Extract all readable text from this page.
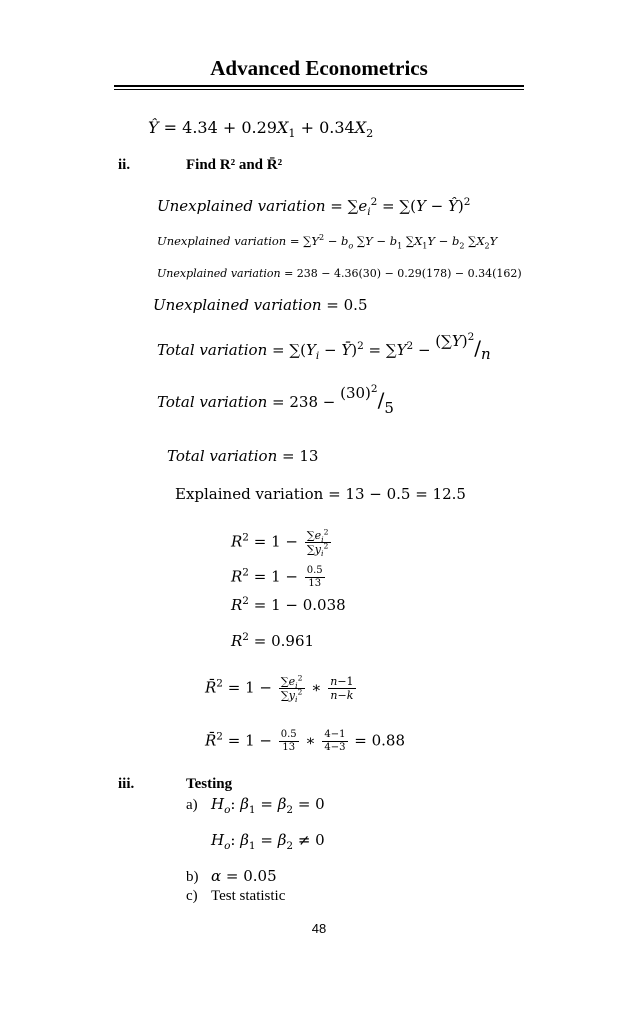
Advanced Econometrics
Ŷ = $4.34 + 0.29X_1 + 0.34X_2$
ii.	Find R² and R̄²
Unexplained variation = $\sum e_i^2 = \sum(Y$ − Ŷ)$^2$
Unexplained variation = $\sum Y^2 - b_o$ $\sum Y - b_1$ $\sum X_1Y - b_2$ $\sum X_2Y$
Unexplained variation = 238 − 4.36(30) − 0.29(178) − 0.34(162)
Unexplained variation = 0.5
Total variation = $\sum(Y_i$ − Ȳ)$^2$ = $\sum Y^2 - (\sum Y)^2/n$
Total variation = $238 - (30)^2/5$
Total variation = 13
Explained variation = 13 − 0.5 = 12.5
$R^2 = 1 - \frac{\sum e_i^2}{\sum y_i^2}$
$R^2 = 1 - \frac{0.5}{13}$
$R^2 = 1 - 0.038$
$R^2 = 0.961$
R̄$^2$ = $1 - \frac{\sum e_i^2}{\sum y_i^2}$ ∗ $\frac{n-1}{n-k}$
R̄$^2$ = $1 - \frac{0.5}{13}$ ∗ $\frac{4-1}{4-3} = 0.88$
iii.	Testing
a) $H_o$: $\beta_1 = \beta_2 = 0$
$H_o$: $\beta_1 = \beta_2 \ne 0$
b) α = 0.05
c) Test statistic
48
